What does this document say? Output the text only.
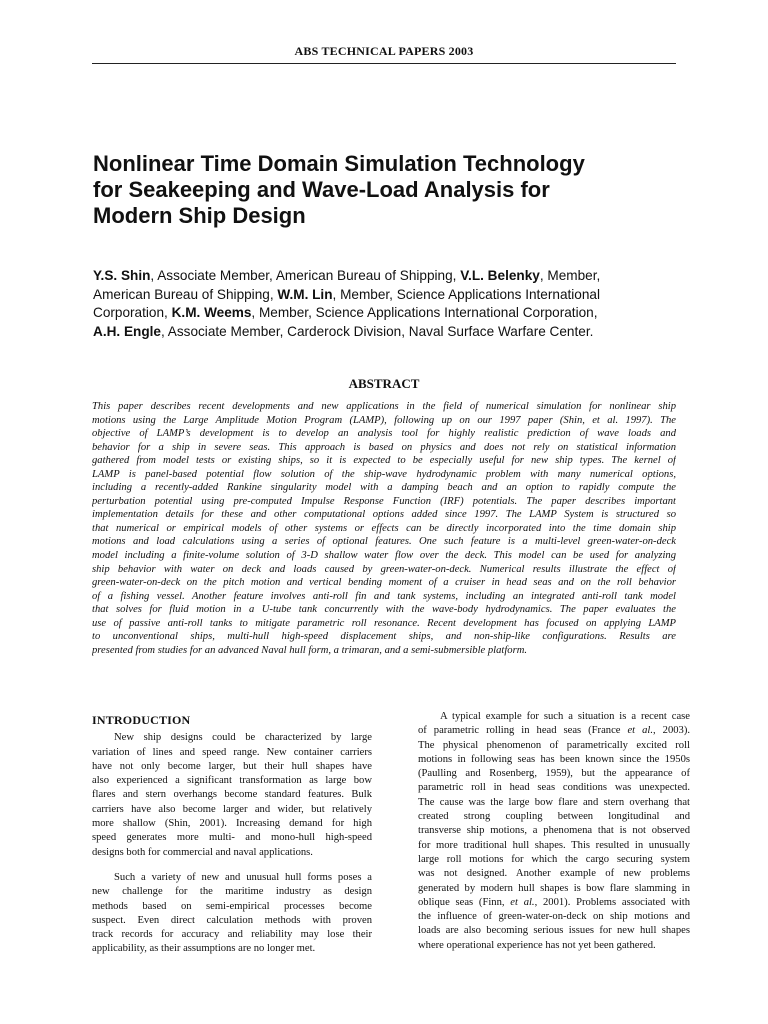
ABS TECHNICAL PAPERS 2003
Nonlinear Time Domain Simulation Technology
for Seakeeping and Wave-Load Analysis for
Modern Ship Design
Y.S. Shin, Associate Member, American Bureau of Shipping, V.L. Belenky, Member,
American Bureau of Shipping, W.M. Lin, Member, Science Applications International
Corporation, K.M. Weems, Member, Science Applications International Corporation,
A.H. Engle, Associate Member, Carderock Division, Naval Surface Warfare Center.
ABSTRACT
This paper describes recent developments and new applications in the field of numerical simulation for nonlinear ship
motions using the Large Amplitude Motion Program (LAMP), following up on our 1997 paper (Shin, et al. 1997). The
objective of LAMP’s development is to develop an analysis tool for highly realistic prediction of wave loads and
behavior for a ship in severe seas. This approach is based on physics and does not rely on statistical information
gathered from model tests or existing ships, so it is expected to be especially useful for new ship types. The kernel of
LAMP is panel-based potential flow solution of the ship-wave hydrodynamic problem with many numerical options,
including a recently-added Rankine singularity model with a damping beach and an option to rapidly compute the
perturbation potential using pre-computed Impulse Response Function (IRF) potentials. The paper describes important
implementation details for these and other computational options added since 1997. The LAMP System is structured so
that numerical or empirical models of other systems or effects can be directly incorporated into the time domain ship
motions and load calculations using a series of optional features. One such feature is a multi-level green-water-on-deck
model including a finite-volume solution of 3-D shallow water flow over the deck. This model can be used for analyzing
ship behavior with water on deck and loads caused by green-water-on-deck. Numerical results illustrate the effect of
green-water-on-deck on the pitch motion and vertical bending moment of a cruiser in head seas and on the roll behavior
of a fishing vessel. Another feature involves anti-roll fin and tank systems, including an integrated anti-roll tank model
that solves for fluid motion in a U-tube tank concurrently with the wave-body hydrodynamics. The paper evaluates the
use of passive anti-roll tanks to mitigate parametric roll resonance. Recent development has focused on applying LAMP
to unconventional ships, multi-hull high-speed displacement ships, and non-ship-like configurations. Results are
presented from studies for an advanced Naval hull form, a trimaran, and a semi-submersible platform.
INTRODUCTION
New ship designs could be characterized by large
variation of lines and speed range. New container carriers
have not only become larger, but their hull shapes have
also experienced a significant transformation as large bow
flares and stern overhangs become standard features. Bulk
carriers have also become larger and wider, but relatively
more shallow (Shin, 2001). Increasing demand for high
speed generates more multi- and mono-hull high-speed
designs both for commercial and naval applications.
Such a variety of new and unusual hull forms poses a
new challenge for the maritime industry as design
methods based on semi-empirical processes become
suspect. Even direct calculation methods with proven
track records for accuracy and reliability may lose their
applicability, as their assumptions are no longer met.
A typical example for such a situation is a recent case
of parametric rolling in head seas (France et al., 2003).
The physical phenomenon of parametrically excited roll
motions in following seas has been known since the 1950s
(Paulling and Rosenberg, 1959), but the appearance of
parametric roll in head seas conditions was unexpected.
The cause was the large bow flare and stern overhang that
created strong coupling between longitudinal and
transverse ship motions, a phenomena that is not observed
for more traditional hull shapes. This resulted in unusually
large roll motions for which the cargo securing system
was not designed. Another example of new problems
generated by modern hull shapes is bow flare slamming in
oblique seas (Finn, et al., 2001). Problems associated with
the influence of green-water-on-deck on ship motions and
loads are also becoming serious issues for new hull shapes
where operational experience has not yet been gathered.
